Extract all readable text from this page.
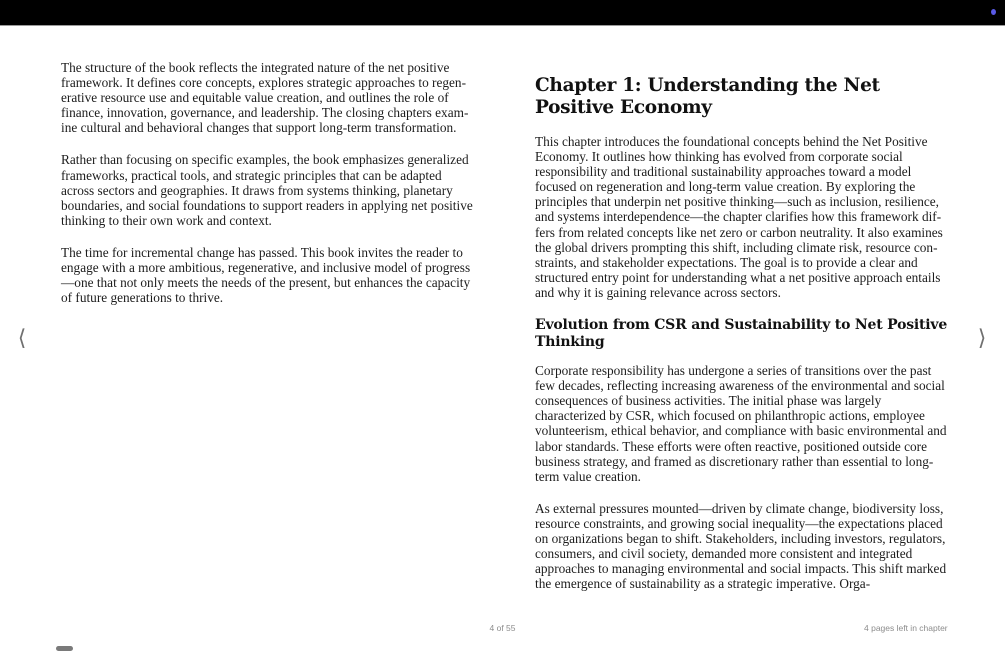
The structure of the book reflects the integrated nature of the net positive framework. It defines core concepts, explores strategic approaches to regenerative resource use and equitable value creation, and outlines the role of finance, innovation, governance, and leadership. The closing chapters examine cultural and behavioral changes that support long-term transformation.

Rather than focusing on specific examples, the book emphasizes generalized frameworks, practical tools, and strategic principles that can be adapted across sectors and geographies. It draws from systems thinking, planetary boundaries, and social foundations to support readers in applying net positive thinking to their own work and context.

The time for incremental change has passed. This book invites the reader to engage with a more ambitious, regenerative, and inclusive model of progress —one that not only meets the needs of the present, but enhances the capacity of future generations to thrive.

Chapter 1: Understanding the Net Positive Economy

This chapter introduces the foundational concepts behind the Net Positive Economy. It outlines how thinking has evolved from corporate social responsibility and traditional sustainability approaches toward a model focused on regeneration and long-term value creation. By exploring the principles that underpin net positive thinking—such as inclusion, resilience, and systems interdependence—the chapter clarifies how this framework differs from related concepts like net zero or carbon neutrality. It also examines the global drivers prompting this shift, including climate risk, resource constraints, and stakeholder expectations. The goal is to provide a clear and structured entry point for understanding what a net positive approach entails and why it is gaining relevance across sectors.

Evolution from CSR and Sustainability to Net Positive Thinking

Corporate responsibility has undergone a series of transitions over the past few decades, reflecting increasing awareness of the environmental and social consequences of business activities. The initial phase was largely characterized by CSR, which focused on philanthropic actions, employee volunteerism, ethical behavior, and compliance with basic environmental and labor standards. These efforts were often reactive, positioned outside core business strategy, and framed as discretionary rather than essential to long-term value creation.

As external pressures mounted—driven by climate change, biodiversity loss, resource constraints, and growing social inequality—the expectations placed on organizations began to shift. Stakeholders, including investors, regulators, consumers, and civil society, demanded more consistent and integrated approaches to managing environmental and social impacts. This shift marked the emergence of sustainability as a strategic imperative. Orga-

⟨	⟩
4 of 55	4 pages left in chapter
